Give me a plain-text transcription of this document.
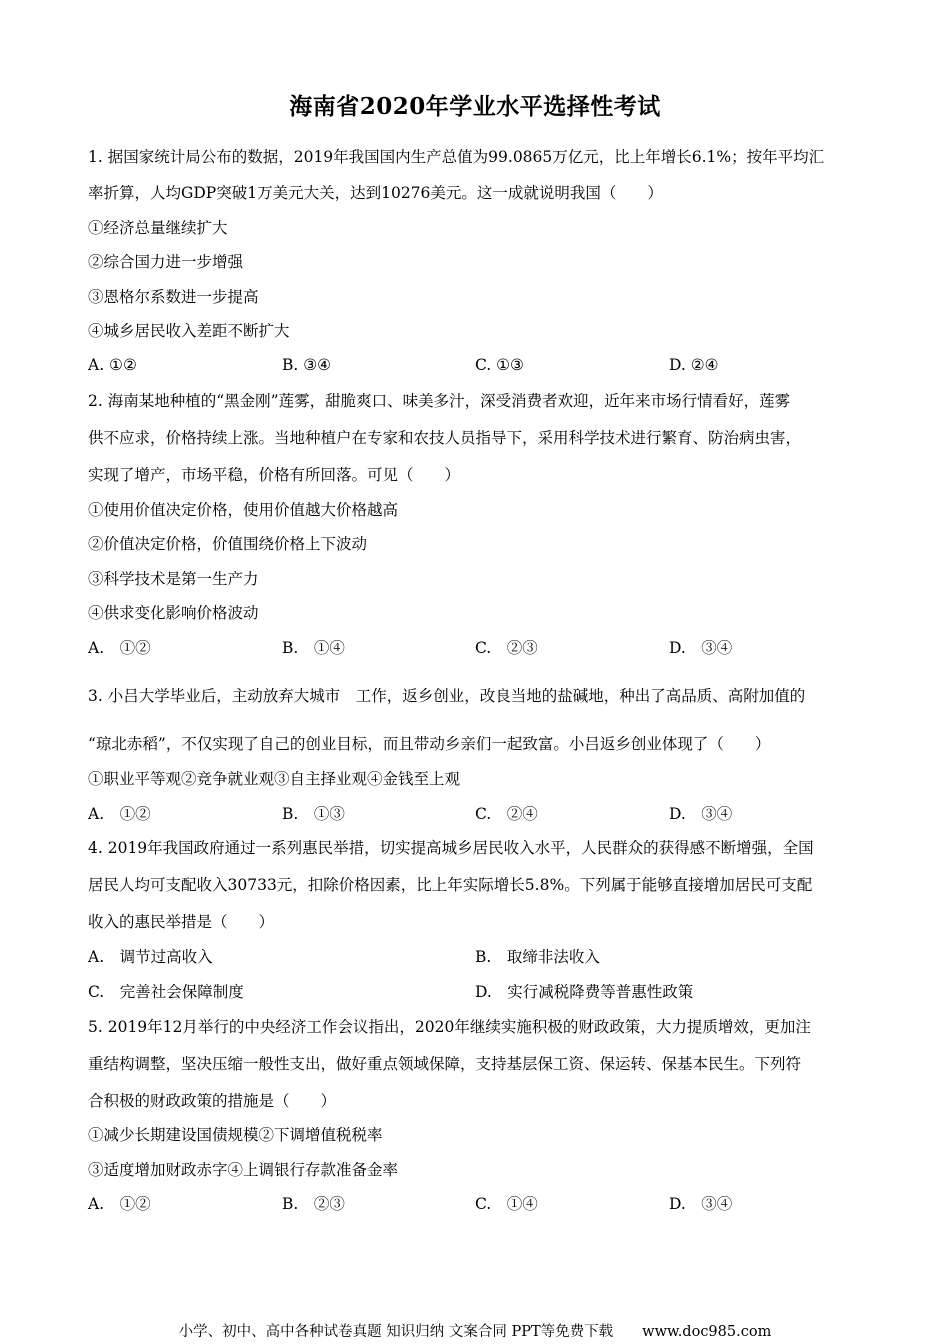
海南省2020年学业水平选择性考试
1. 据国家统计局公布的数据，2019年我国国内生产总值为99.0865万亿元，比上年增长6.1%；按年平均汇
率折算，人均GDP突破1万美元大关，达到10276美元。这一成就说明我国（　　）
①经济总量继续扩大
②综合国力进一步增强
③恩格尔系数进一步提高
④城乡居民收入差距不断扩大
A. ①②	B. ③④	C. ①③	D. ②④
2. 海南某地种植的“黑金刚”莲雾，甜脆爽口、味美多汁，深受消费者欢迎，近年来市场行情看好，莲雾
供不应求，价格持续上涨。当地种植户在专家和农技人员指导下，采用科学技术进行繁育、防治病虫害，
实现了增产，市场平稳，价格有所回落。可见（　　）
①使用价值决定价格，使用价值越大价格越高
②价值决定价格，价值围绕价格上下波动
③科学技术是第一生产力
④供求变化影响价格波动
A.　①②	B.　①④	C.　②③	D.　③④
3. 小吕大学毕业后，主动放弃大城市　工作，返乡创业，改良当地的盐碱地，种出了高品质、高附加值的
“琼北赤稻”，不仅实现了自己的创业目标，而且带动乡亲们一起致富。小吕返乡创业体现了（　　）
①职业平等观②竞争就业观③自主择业观④金钱至上观
A.　①②	B.　①③	C.　②④	D.　③④
4. 2019年我国政府通过一系列惠民举措，切实提高城乡居民收入水平，人民群众的获得感不断增强，全国
居民人均可支配收入30733元，扣除价格因素，比上年实际增长5.8%。下列属于能够直接增加居民可支配
收入的惠民举措是（　　）
A.　调节过高收入	B.　取缔非法收入
C.　完善社会保障制度	D.　实行减税降费等普惠性政策
5. 2019年12月举行的中央经济工作会议指出，2020年继续实施积极的财政政策，大力提质增效，更加注
重结构调整，坚决压缩一般性支出，做好重点领域保障，支持基层保工资、保运转、保基本民生。下列符
合积极的财政政策的措施是（　　）
①减少长期建设国债规模②下调增值税税率
③适度增加财政赤字④上调银行存款准备金率
A.　①②	B.　②③	C.　①④	D.　③④
小学、初中、高中各种试卷真题 知识归纳 文案合同 PPT等免费下载　　www.doc985.com
